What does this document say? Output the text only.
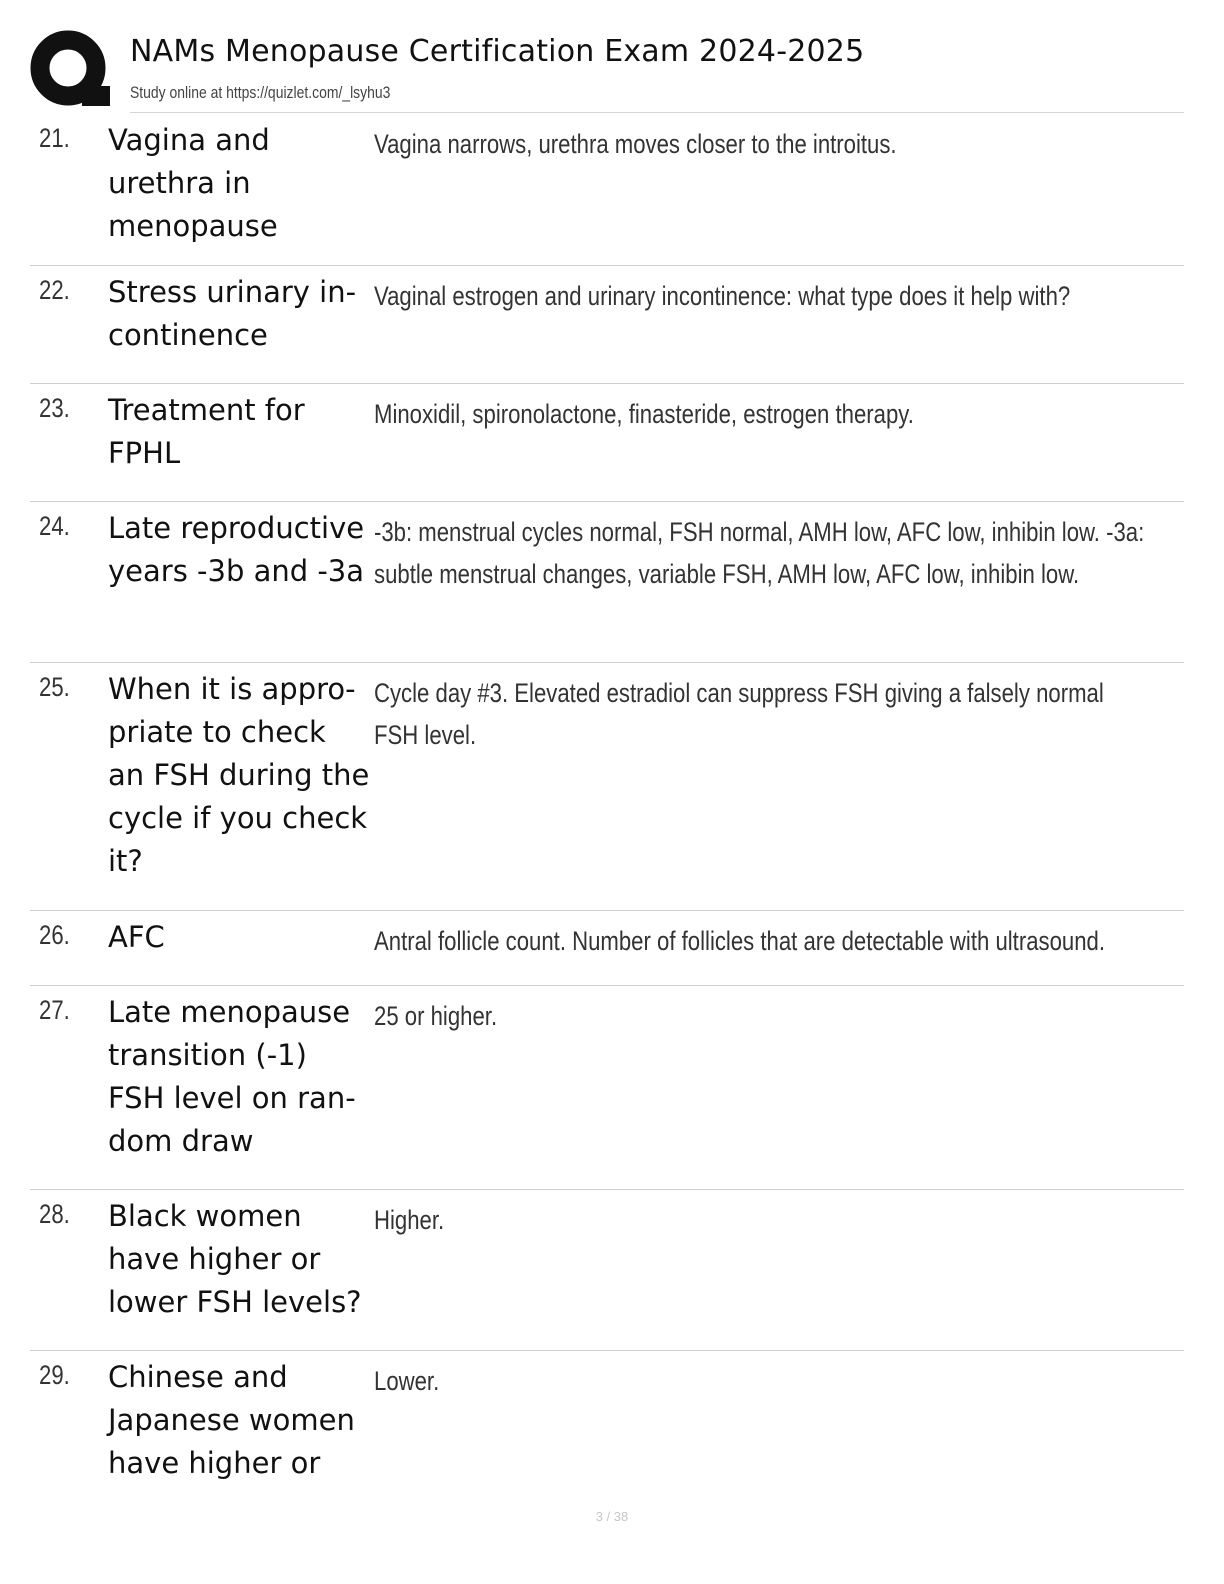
NAMs Menopause Certification Exam 2024-2025
Study online at https://quizlet.com/_lsyhu3
21. Vagina and urethra in menopause
Vagina narrows, urethra moves closer to the introitus.
22. Stress urinary incontinence
Vaginal estrogen and urinary incontinence: what type does it help with?
23. Treatment for FPHL
Minoxidil, spironolactone, finasteride, estrogen therapy.
24. Late reproductive years -3b and -3a
-3b: menstrual cycles normal, FSH normal, AMH low, AFC low, inhibin low. -3a: subtle menstrual changes, variable FSH, AMH low, AFC low, inhibin low.
25. When it is appropriate to check an FSH during the cycle if you check it?
Cycle day #3. Elevated estradiol can suppress FSH giving a falsely normal FSH level.
26. AFC	Antral follicle count. Number of follicles that are detectable with ultrasound.
27. Late menopause transition (-1) FSH level on random draw
25 or higher.
28. Black women have higher or lower FSH levels?
Higher.
29. Chinese and Japanese women have higher or
Lower.
3 / 38
